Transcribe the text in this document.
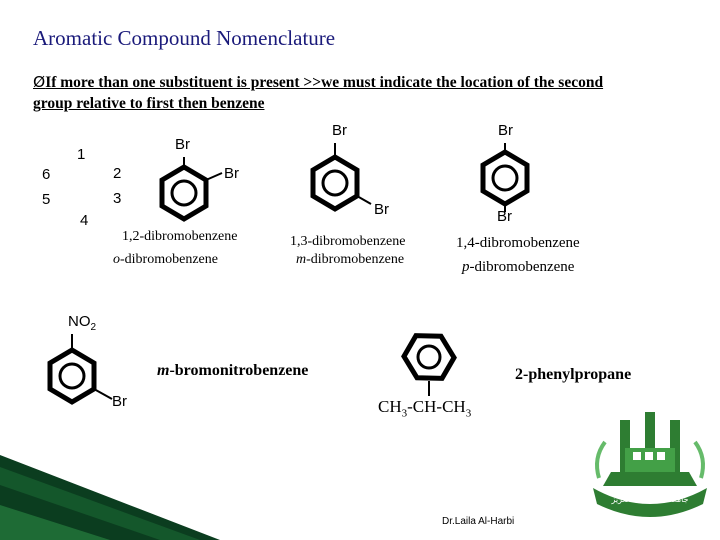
Aromatic Compound Nomenclature
ØIf more than one substituent is present >>we must indicate the location of the second
group relative to first then benzene
1
2
3
4
5
6
Br
Br
1,2-dibromobenzene
o-dibromobenzene
Br
Br
1,3-dibromobenzene
m-dibromobenzene
Br
Br
1,4-dibromobenzene
p-dibromobenzene
$NO_2$
Br
m-bromonitrobenzene	2-phenylpropane
$CH_3-CH-CH_3$
جامعة الملك عبد العزيز
Dr.Laila Al-Harbi
